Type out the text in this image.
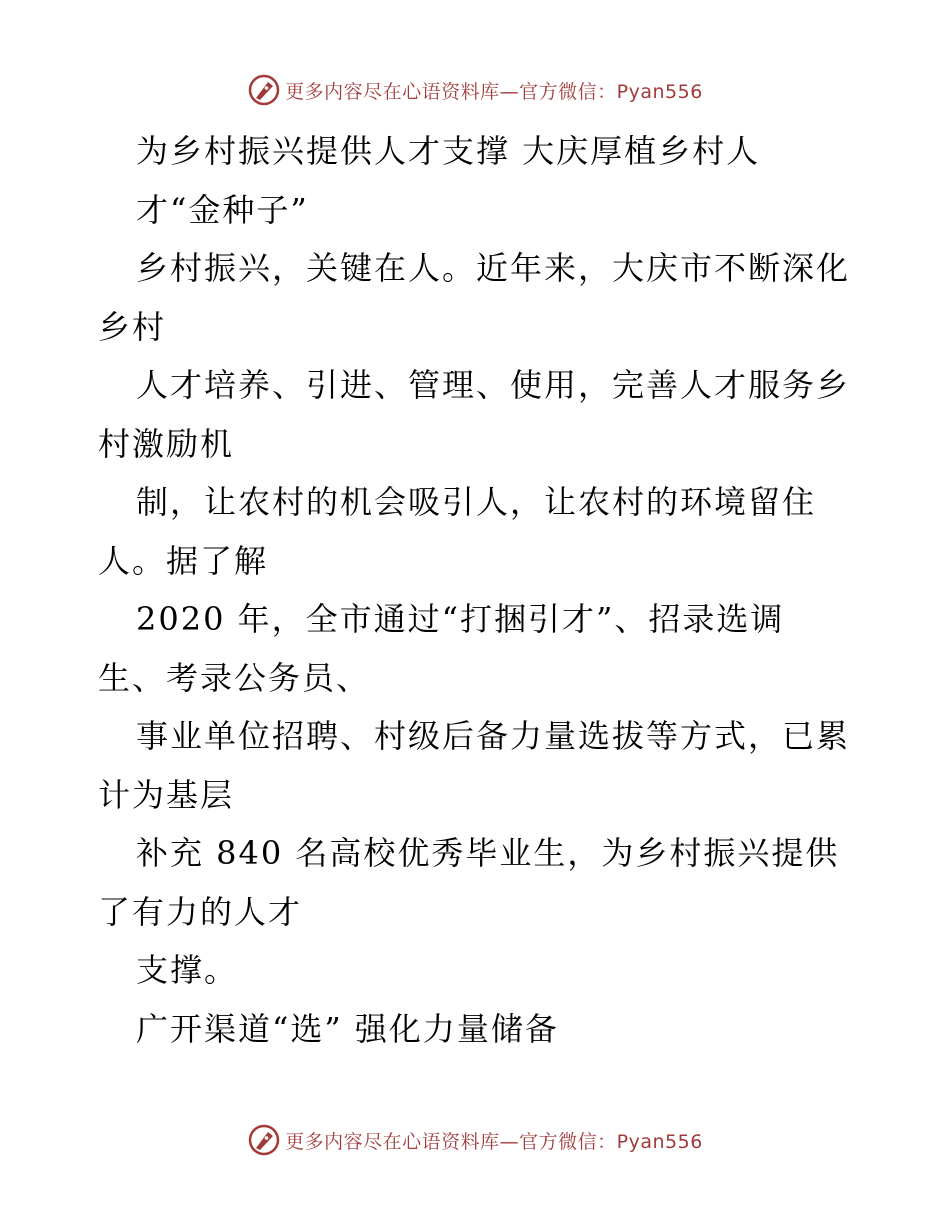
更多内容尽在心语资料库—官方微信：Pyan556
为乡村振兴提供人才支撑 大庆厚植乡村人
才“金种子”
乡村振兴，关键在人。近年来，大庆市不断深化
乡村
人才培养、引进、管理、使用，完善人才服务乡
村激励机
制，让农村的机会吸引人，让农村的环境留住
人。据了解
2020 年，全市通过“打捆引才”、招录选调
生、考录公务员、
事业单位招聘、村级后备力量选拔等方式，已累
计为基层
补充 840 名高校优秀毕业生，为乡村振兴提供
了有力的人才
支撑。
广开渠道“选” 强化力量储备
更多内容尽在心语资料库—官方微信：Pyan556
